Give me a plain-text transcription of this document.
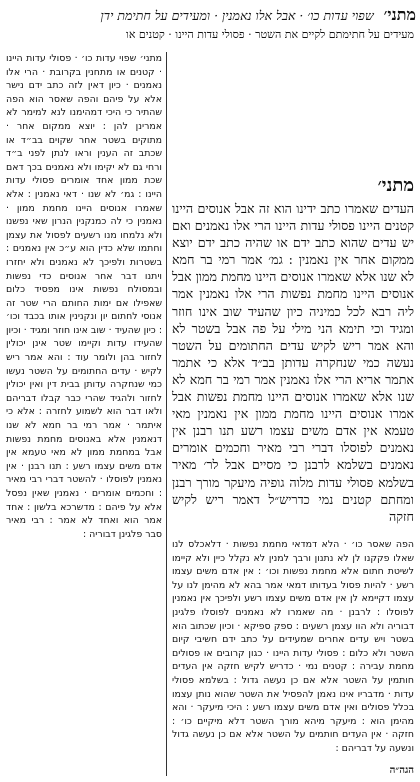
מתני׳ שפוי עדות כו׳ · אבל אלו נאמנין · ומעידים על חתימת ידן
מעידים על חתימתם לקיים את השטר · פסולי עדות היינו · קטנים או

מתני׳ שפוי עדות כו׳ · פסולי עדות היינו · קטנים או מתחנין בקרובת · הרי אלו נאמנים · כיון דאין לזה כתב ידם נישר אלא על פיהם והפה שאסר הוא הפה שהתיר כי היכי דמהימנו לנא למימר לא אמרינן להן : יוצא ממקום אחר · מתוקים בשטר אחר שקוים בב״ד או שכתב זה הענין וראו לנתן לפני ב״ד ורחי גם לא יקימו ולא נאמנים בכך דאם שכת ממון אחד אומרים פסולי עדות היינו : גמ׳ לא שנו · דאי נאמנין : אלא שאמרו אנוסים היינו מחמת ממון · נאמנין כי לה כמנקנין הנרון שאי נפשנו ולא נלמחו מנו רשעים לפסול את עצמן וחתמו שלא כדין הוא ע״כ אין נאמנים : בשטרות ולפיכך לא נאמנים ולא יחזרו ויתנו דבר אחר אנוסים כדי נפשות ובמסולח נפשות אינו מפסיד כלום שאפילו אם ימות החותם הרי שטר זה אנוסי לחתום יון ונקנינין אותו בכבד וכו׳ : כיון שהעיד · שוב אינו חוזר ומגיד · וכיון שהעידו עדות וקיימו שטר אינן יכולין לחזור בהן ולומר עוד : והא אמר ריש לקיש · עדים החתומים על השטר נעשו כמי שנחקרה עדותן בבית דין ואין יכולין לחזור ולהגיד שהרי כבר קבלו דבריהם ולאו דבר הוא לשמוע לחזרה : אלא כי איתמר · אמר רמי בר חמא לא שנו דנאמנין אלא באנוסים מחמת נפשות אבל במחמת ממון לא מאי טעמא אין אדם משים עצמו רשע : תנו רבנן · אין נאמנין לפוסלו · להשטר דברי רבי מאיר : וחכמים אומרים · נאמנין שאין נפסל אלא על פיהם : מדשרכא בלשון : אחד אמר הוא ואחד לא אמר : רבי מאיר סבר פלגינן דבוריה :

מתני׳

העדים שאמרו כתב ידינו הוא זה אבל אנוסים היינו קטנים היינו פסולי עדות היינו הרי אלו נאמנים ואם יש עדים שהוא כתב ידם או שהיה כתב ידם יוצא ממקום אחר אין נאמנין : גמ׳ אמר רמי בר חמא לא שנו אלא שאמרו אנוסים היינו מחמת ממון אבל אנוסים היינו מחמת נפשות הרי אלו נאמנין אמר ליה רבא לכל כמיניה כיון שהעיד שוב אינו חוזר ומגיד וכי תימא הני מילי על פה אבל בשטר לא והא אמר ריש לקיש עדים החתומים על השטר נעשה כמי שנחקרה עדותן בב״ד אלא כי אתמר אתמר אריא הרי אלו נאמנין אמר רמי בר חמא לא שנו אלא שאמרו אנוסים היינו מחמת נפשות אבל אמרו אנוסים היינו מחמת ממון אין נאמנין מאי טעמא אין אדם משים עצמו רשע תנו רבנן אין נאמנים לפוסלו דברי רבי מאיר וחכמים אומרים נאמנים בשלמא לרבנן כי מסיים אבל לר׳ מאיר בשלמא פסולי עדות מלוה גופיה מיעקר מורך רבנן ומחתם קטנים נמי כדריש״ל דאמר ריש לקיש חזקה

הפה שאסר כו׳ · הלא דמדאי מחמת נפשות · דלאכלס לנו שאלו פקקנו לן לא נתנון ורבך למנין לא נקלל כיין ולא קיימו לשיטת חתום אלא מחמת נפשות וכו׳ : אין אדם משים עצמו רשע · להיות פסול בעדותו דמאי אמר בהא לא מהימן לנו על עצמו דקיימא לן אין אדם משים עצמו רשע ולפיכך אין נאמנין לפוסלו : לרבנן · מה שאמרו לא נאמנים לפוסלו פלגינן דבוריה ולא הוו עצמן רשעים : ספק ספיקא · וכיון שכתוב הוא בשטר ויש עדים אחרים שמעידים על כתב ידם חשיבי קיום השטר ולא כלום : פסולי עדות היינו · כגון קרובים או פסולים מחמת עבירה : קטנים נמי · כדריש לקיש חזקה אין העדים חותמין על השטר אלא אם כן נעשה גדול : בשלמא פסולי עדות · מדבריו אינו נאמן להפסיל את השטר שהוא נותן עצמו בכלל פסולים ואין אדם משים עצמו רשע : היכי מיעקר · והא מהימן הוא : מיעקר מיהא מורך השטר דלא מיקיים כו׳ : חזקה · אין העדים חותמים על השטר אלא אם כן נעשה גדול ונשעה על דבריהם :

הגה״ה
